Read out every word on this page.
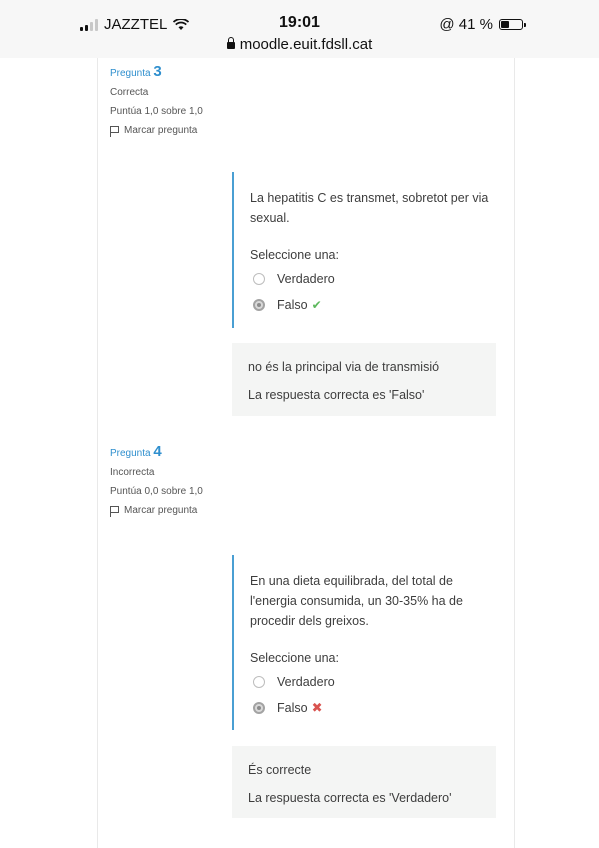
JAZZTEL	19:01
moodle.euit.fdsll.cat
@ 41 %
Pregunta 3
Correcta
Puntúa 1,0 sobre 1,0
Marcar pregunta
La hepatitis C es transmet, sobretot per via sexual.
Seleccione una:
Verdadero
Falso ✔
no és la principal via de transmisió
La respuesta correcta es 'Falso'
Pregunta 4
Incorrecta
Puntúa 0,0 sobre 1,0
Marcar pregunta
En una dieta equilibrada, del total de l'energia consumida, un 30-35% ha de procedir dels greixos.
Seleccione una:
Verdadero
Falso ✖
És correcte
La respuesta correcta es 'Verdadero'
